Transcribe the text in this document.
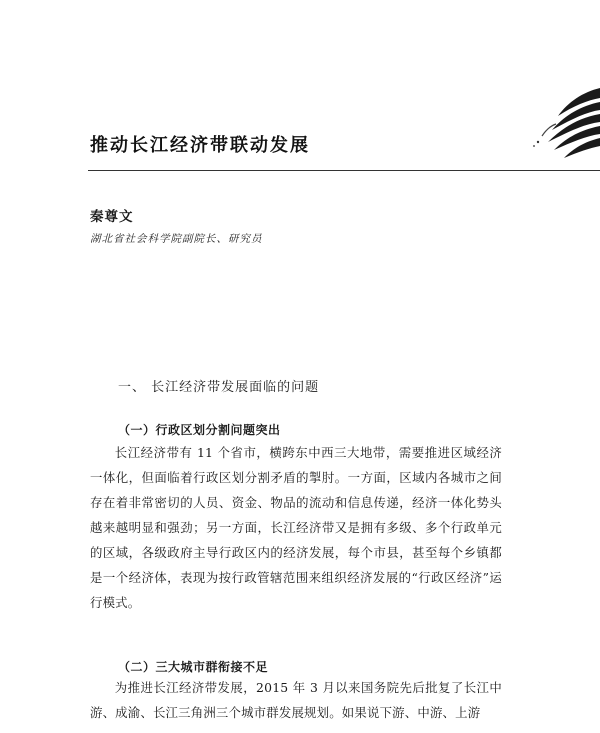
推动长江经济带联动发展
秦尊文
湖北省社会科学院副院长、研究员
一、 长江经济带发展面临的问题
（一）行政区划分割问题突出

长江经济带有 11 个省市，横跨东中西三大地带，需要推进区域经济一体化，但面临着行政区划分割矛盾的掣肘。一方面，区域内各城市之间存在着非常密切的人员、资金、物品的流动和信息传递，经济一体化势头越来越明显和强劲；另一方面，长江经济带又是拥有多级、多个行政单元的区域，各级政府主导行政区内的经济发展，每个市县，甚至每个乡镇都是一个经济体，表现为按行政管辖范围来组织经济发展的“行政区经济”运行模式。

（二）三大城市群衔接不足

为推进长江经济带发展，2015 年 3 月以来国务院先后批复了长江中游、成渝、长江三角洲三个城市群发展规划。如果说下游、中游、上游
